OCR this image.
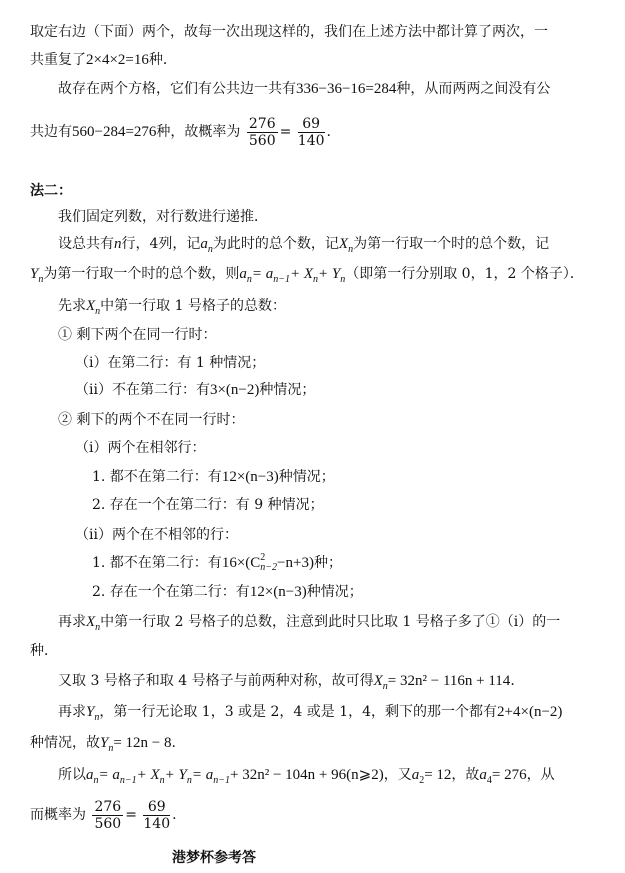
取定右边（下面）两个，故每一次出现这样的，我们在上述方法中都计算了两次，一
共重复了2×4×2=16种．
故存在两个方格，它们有公共边一共有336−36−16=284种，从而两两之间没有公
共边有560−284=276种，故概率为 $\frac{276}{560} = \frac{69}{140}$ .
法二：
我们固定列数，对行数进行递推．
设总共有n行，4列，记$a_n$为此时的总个数，记$X_n$为第一行取一个时的总个数，记
$Y_n$为第一行取一个时的总个数，则$a_n= a_{n-1}+ X_n+ Y_n$（即第一行分别取 0，1，2 个格子）．
先求$X_n$中第一行取 1 号格子的总数：
① 剩下两个在同一行时：
（i）在第二行：有 1 种情况；
（ii）不在第二行：有3×(n−2)种情况；
② 剩下的两个不在同一行时：
（i）两个在相邻行：
1. 都不在第二行：有12×(n−3)种情况；
2. 存在一个在第二行：有 9 种情况；
（ii）两个在不相邻的行：
1. 都不在第二行：有16×(C 2
n−2 −n+3)种；
2. 存在一个在第二行：有12×(n−3)种情况；
再求$X_n$中第一行取 2 号格子的总数，注意到此时只比取 1 号格子多了①（i）的一
种．
又取 3 号格子和取 4 号格子与前两种对称，故可得$X_n= 32n^2 - 116n + 114$.
再求$Y_n$，第一行无论取 1，3 或是 2，4 或是 1，4，剩下的那一个都有2+4×(n−2)
种情况，故$Y_n= 12n - 8$.
所以$a_n= a_{n-1}+ X_n+ Y_n= a_{n-1}+ 32n^2 - 104n$ + 96(n⩾2)，又$a_2= 12$，故$a_4= 276$，从
而概率为 $\frac{276}{560} = \frac{69}{140}$ .
港梦杯参考答
